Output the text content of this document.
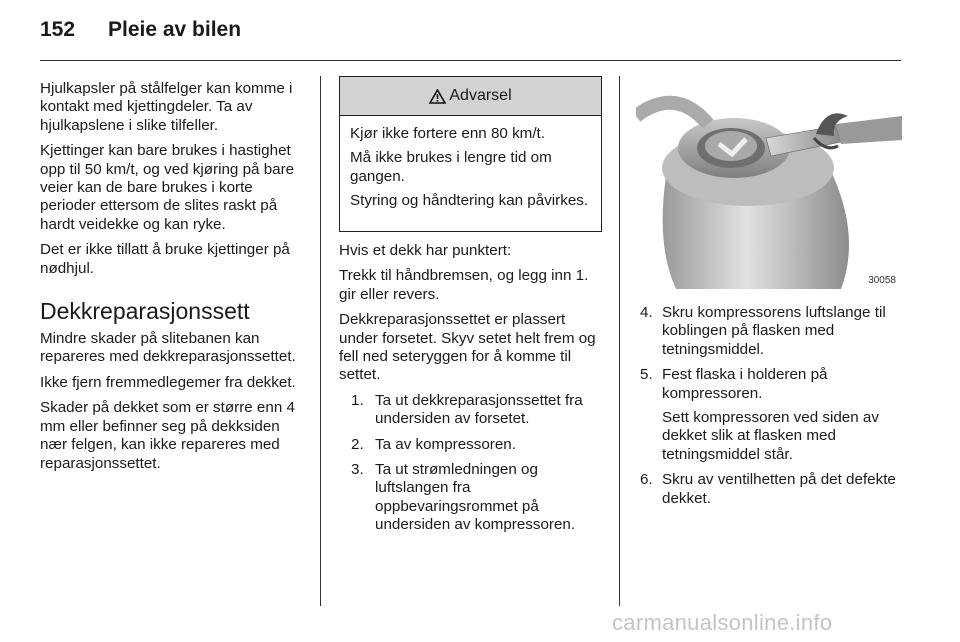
152 Pleie av bilen

Hjulkapsler på stålfelger kan komme i kontakt med kjettingdeler. Ta av hjulkapslene i slike tilfeller.

Kjettinger kan bare brukes i hastighet opp til 50 km/t, og ved kjøring på bare veier kan de bare brukes i korte perioder ettersom de slites raskt på hardt veidekke og kan ryke.

Det er ikke tillatt å bruke kjettinger på nødhjul.

Dekkreparasjonssett

Mindre skader på slitebanen kan repareres med dekkreparasjonssettet.

Ikke fjern fremmedlegemer fra dekket.

Skader på dekket som er større enn 4 mm eller befinner seg på dekksiden nær felgen, kan ikke repareres med reparasjonssettet.

Advarsel

Kjør ikke fortere enn 80 km/t.

Må ikke brukes i lengre tid om gangen.

Styring og håndtering kan påvirkes.

Hvis et dekk har punktert:

Trekk til håndbremsen, og legg inn 1. gir eller revers.

Dekkreparasjonssettet er plassert under forsetet. Skyv setet helt frem og fell ned seteryggen for å komme til settet.

1. Ta ut dekkreparasjonssettet fra undersiden av forsetet.
2. Ta av kompressoren.
3. Ta ut strømledningen og luftslangen fra oppbevaringsrommet på undersiden av kompressoren.
30058
4. Skru kompressorens luftslange til koblingen på flasken med tetningsmiddel.

5. Fest flaska i holderen på kompressoren.

Sett kompressoren ved siden av dekket slik at flasken med tetningsmiddel står.

6. Skru av ventilhetten på det defekte dekket.

carmanualsonline.info
